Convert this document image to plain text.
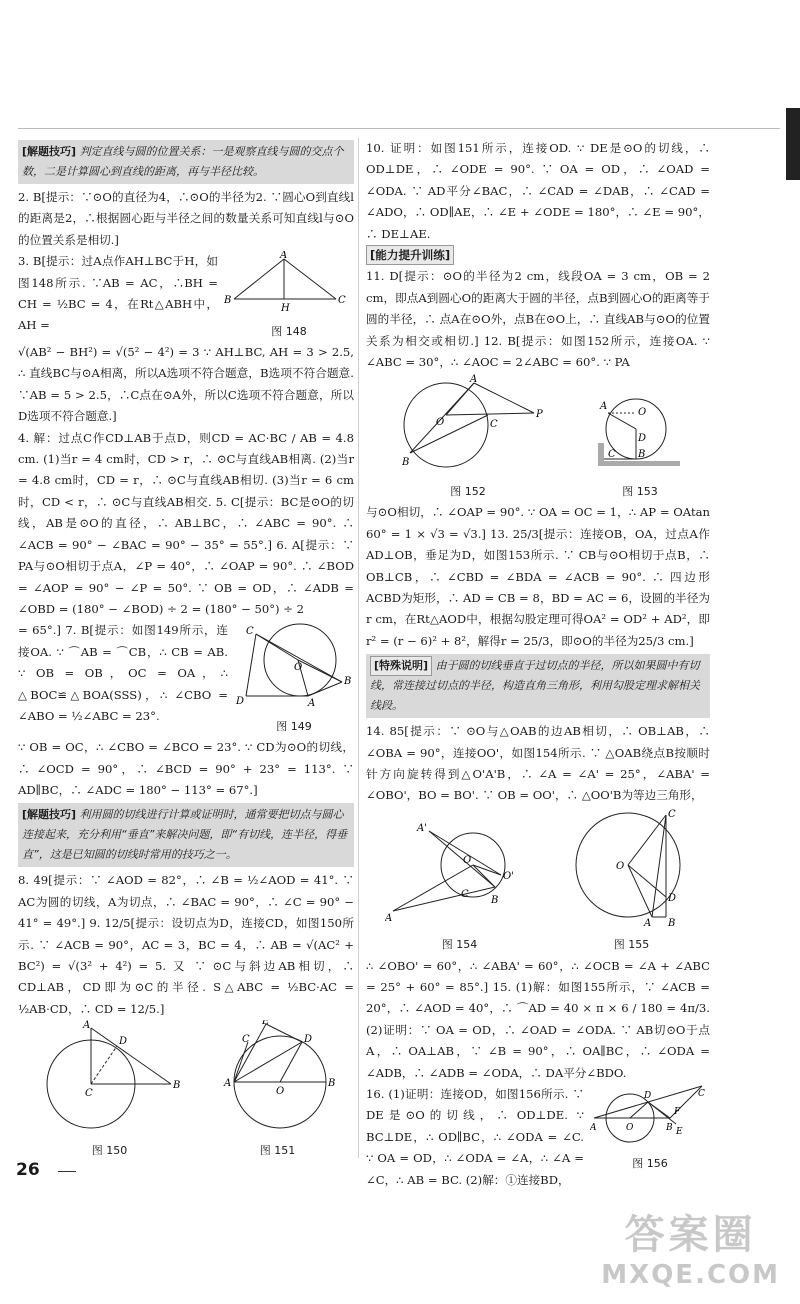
[解题技巧] 判定直线与圆的位置关系：一是观察直线与圆的交点个数，二是计算圆心到直线的距离，再与半径比较。

2. B[提示：∵⊙O的直径为4，∴⊙O的半径为2. ∵圆心O到直线l的距离是2，∴根据圆心距与半径之间的数量关系可知直线l与⊙O的位置关系是相切.]

A
B	C
H
图 148

3. B[提示：过A点作AH⊥BC于H，如图148所示. ∵AB = AC，∴BH = CH = ½BC = 4，在Rt△ABH中，AH =

√(AB² − BH²) = √(5² − 4²) = 3 ∵ AH⊥BC, AH = 3 > 2.5, ∴ 直线BC与⊙A相离，所以A选项不符合题意，B选项不符合题意. ∵AB = 5 > 2.5，∴C点在⊙A外，所以C选项不符合题意，所以D选项不符合题意.]

4. 解：过点C作CD⊥AB于点D，则CD = AC·BC / AB = 4.8 cm. (1)当r = 4 cm时，CD > r，∴ ⊙C与直线AB相离. (2)当r = 4.8 cm时，CD = r，∴ ⊙C与直线AB相切. (3)当r = 6 cm时，CD < r，∴ ⊙C与直线AB相交. 5. C[提示：BC是⊙O的切线，AB是⊙O的直径，∴ AB⊥BC，∴ ∠ABC = 90°. ∴ ∠ACB = 90° − ∠BAC = 90° − 35° = 55°.] 6. A[提示：∵ PA与⊙O相切于点A，∠P = 40°，∴ ∠OAP = 90°. ∴ ∠BOD = ∠AOP = 90° − ∠P = 50°. ∵ OB = OD，∴ ∠ADB = ∠OBD = (180° − ∠BOD) ÷ 2 = (180° − 50°) ÷ 2

C
O
B
D	A
图 149

= 65°.] 7. B[提示：如图149所示，连接OA. ∵ ⌒AB = ⌒CB，∴ CB = AB. ∵ OB = OB，OC = OA，∴ △BOC≌△BOA(SSS)，∴ ∠CBO = ∠ABO = ½∠ABC = 23°.

∵ OB = OC，∴ ∠CBO = ∠BCO = 23°. ∵ CD为⊙O的切线，∴ ∠OCD = 90°，∴ ∠BCD = 90° + 23° = 113°. ∵ AD∥BC，∴ ∠ADC = 180° − 113° = 67°.]

[解题技巧] 利用圆的切线进行计算或证明时，通常要把切点与圆心连接起来，充分利用“垂直”来解决问题，即“有切线，连半径，得垂直”，这是已知圆的切线时常用的技巧之一。

8. 49[提示：∵ ∠AOD = 82°，∴ ∠B = ½∠AOD = 41°. ∵ AC为圆的切线，A为切点，∴ ∠BAC = 90°，∴ ∠C = 90° − 41° = 49°.] 9. 12/5[提示：设切点为D，连接CD，如图150所示. ∵ ∠ACB = 90°，AC = 3，BC = 4，∴ AB = √(AC² + BC²) = √(3² + 4²) = 5. 又 ∵ ⊙C与斜边AB相切，∴ CD⊥AB，CD即为⊙C的半径. S△ABC = ½BC·AC = ½AB·CD，∴ CD = 12/5.]

A
D
C
B
图 150
E
C	D
A
O
B
图 151

10. 证明：如图151所示，连接OD. ∵ DE是⊙O的切线，∴ OD⊥DE，∴ ∠ODE = 90°. ∵ OA = OD，∴ ∠OAD = ∠ODA. ∵ AD平分∠BAC，∴ ∠CAD = ∠DAB，∴ ∠CAD = ∠ADO，∴ OD∥AE，∴ ∠E + ∠ODE = 180°，∴ ∠E = 90°，∴ DE⊥AE.

[能力提升训练]

11. D[提示：⊙O的半径为2 cm，线段OA = 3 cm，OB = 2 cm，即点A到圆心O的距离大于圆的半径，点B到圆心O的距离等于圆的半径，∴ 点A在⊙O外，点B在⊙O上，∴ 直线AB与⊙O的位置关系为相交或相切.] 12. B[提示：如图152所示，连接OA. ∵ ∠ABC = 30°，∴ ∠AOC = 2∠ABC = 60°. ∵ PA

A
O	C
P
B
图 152
A
O
D
C B
图 153

与⊙O相切，∴ ∠OAP = 90°. ∵ OA = OC = 1，∴ AP = OAtan 60° = 1 × √3 = √3.] 13. 25/3[提示：连接OB，OA，过点A作AD⊥OB，垂足为D，如图153所示. ∵ CB与⊙O相切于点B，∴ OB⊥CB，∴ ∠CBD = ∠BDA = ∠ACB = 90°. ∴ 四边形ACBD为矩形，∴ AD = CB = 8，BD = AC = 6，设圆的半径为r cm，在Rt△AOD中，根据勾股定理可得OA² = OD² + AD²，即r² = (r − 6)² + 8²，解得r = 25/3，即⊙O的半径为25/3 cm.]

[特殊说明] 由于圆的切线垂直于过切点的半径，所以如果圆中有切线，常连接过切点的半径，构造直角三角形，利用勾股定理求解相关线段。

14. 85[提示：∵ ⊙O与△OAB的边AB相切，∴ OB⊥AB，∴ ∠OBA = 90°，连接OO'，如图154所示. ∵ △OAB绕点B按顺时针方向旋转得到△O'A'B，∴ ∠A = ∠A' = 25°，∠ABA' = ∠OBO'，BO = BO'. ∵ OB = OO'，∴ △OO'B为等边三角形，

A'
O
A
C
B
O'
图 154
C
O
D
A B
图 155

∴ ∠OBO' = 60°，∴ ∠ABA' = 60°，∴ ∠OCB = ∠A + ∠ABC = 25° + 60° = 85°.] 15. (1)解：如图155所示，∵ ∠ACB = 20°，∴ ∠AOD = 40°，∴ ⌒AD = 40 × π × 6 / 180 = 4π/3. (2)证明：∵ OA = OD，∴ ∠OAD = ∠ODA. ∵ AB切⊙O于点A，∴ OA⊥AB，∵ ∠B = 90°，∴ OA∥BC，∴ ∠ODA = ∠ADB，∴ ∠ADB = ∠ODA，∴ DA平分∠BDO.

A
D
O	B E
F
C
图 156

16. (1)证明：连接OD，如图156所示. ∵ DE是⊙O的切线，∴ OD⊥DE. ∵ BC⊥DE，∴ OD∥BC，∴ ∠ODA = ∠C. ∵ OA = OD，∴ ∠ODA = ∠A，∴ ∠A = ∠C，∴ AB = BC. (2)解：①连接BD，

26
答案圈
MXQE.COM
